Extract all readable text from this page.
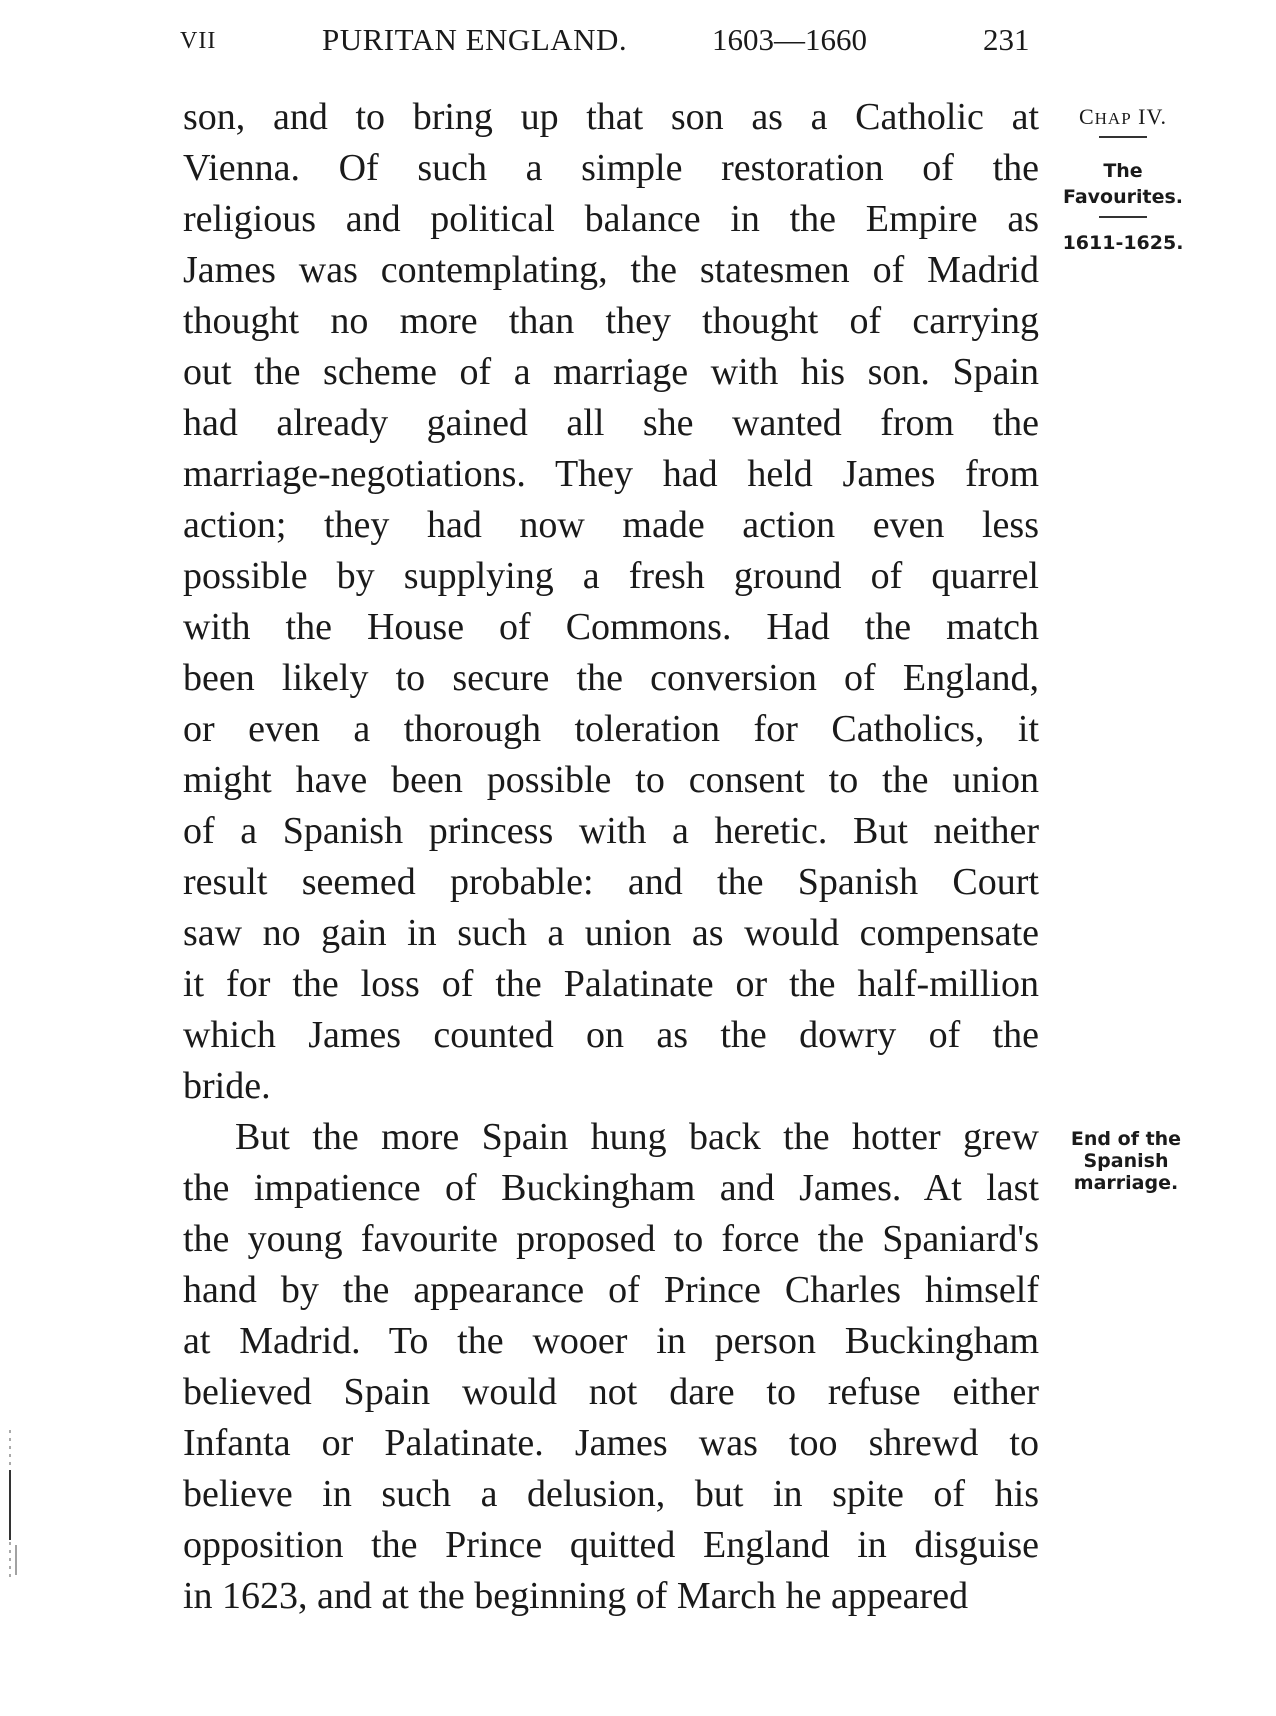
VII	PURITAN ENGLAND.	1603—1660	231
son, and to bring up that son as a Catholic at
Vienna. Of such a simple restoration of the
religious and political balance in the Empire as
James was contemplating, the statesmen of Madrid
thought no more than they thought of carrying
out the scheme of a marriage with his son. Spain
had already gained all she wanted from the
marriage-negotiations. They had held James from
action; they had now made action even less
possible by supplying a fresh ground of quarrel
with the House of Commons. Had the match
been likely to secure the conversion of England,
or even a thorough toleration for Catholics, it
might have been possible to consent to the union
of a Spanish princess with a heretic. But neither
result seemed probable: and the Spanish Court
saw no gain in such a union as would compensate
it for the loss of the Palatinate or the half-million
which James counted on as the dowry of the
bride.
But the more Spain hung back the hotter grew
the impatience of Buckingham and James. At last
the young favourite proposed to force the Spaniard's
hand by the appearance of Prince Charles himself
at Madrid. To the wooer in person Buckingham
believed Spain would not dare to refuse either
Infanta or Palatinate. James was too shrewd to
believe in such a delusion, but in spite of his
opposition the Prince quitted England in disguise
in 1623, and at the beginning of March he appeared
CHAP IV.
The
Favourites.
1611-1625.
End of the
Spanish
marriage.
